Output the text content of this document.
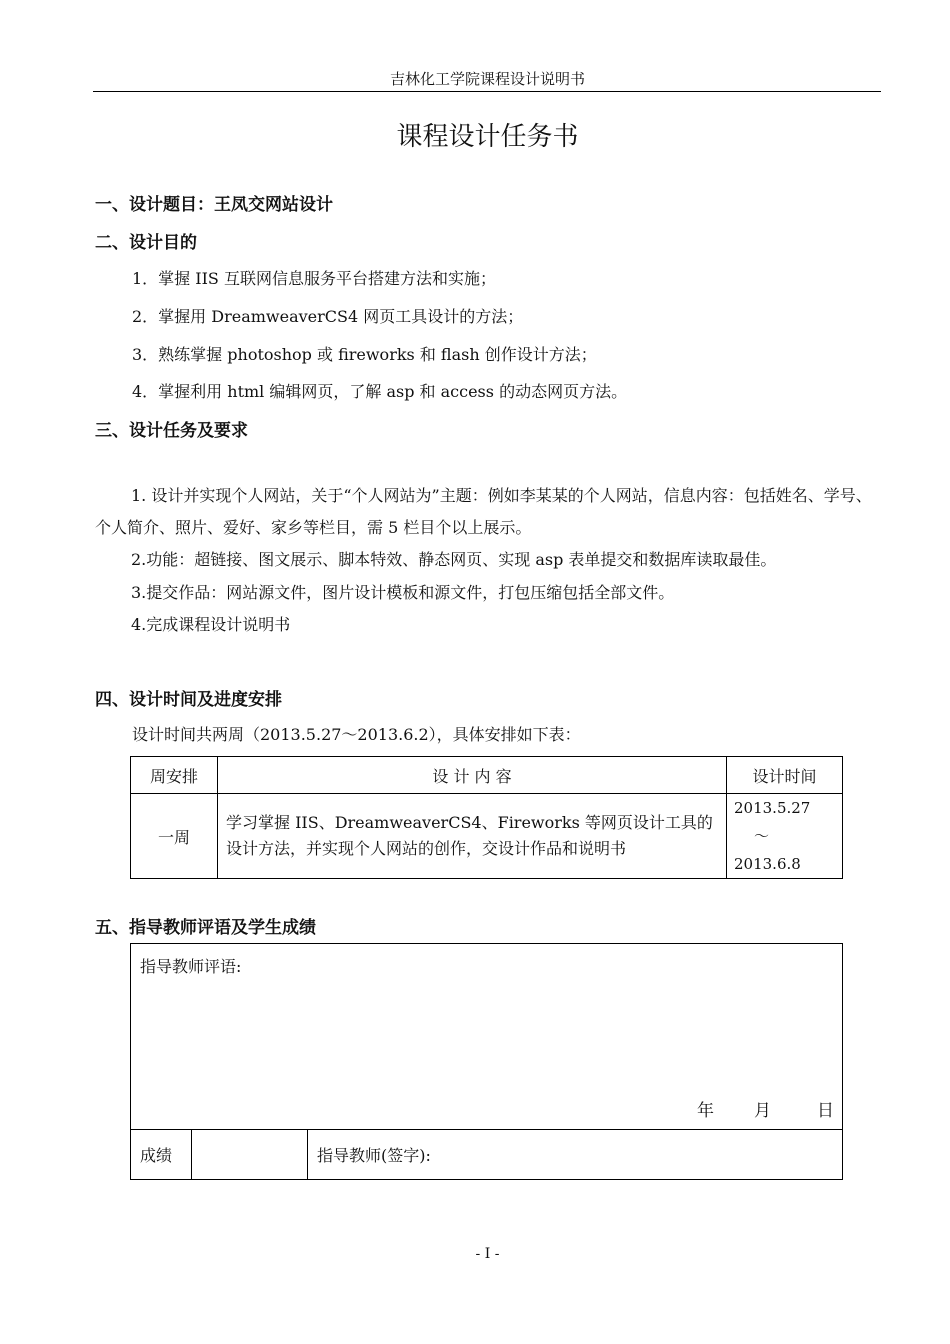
吉林化工学院课程设计说明书
课程设计任务书
一、设计题目：王凤交网站设计
二、设计目的
1．掌握 IIS 互联网信息服务平台搭建方法和实施；
2．掌握用 DreamweaverCS4 网页工具设计的方法；
3．熟练掌握 photoshop 或 fireworks 和 flash 创作设计方法；
4．掌握利用 html 编辑网页，了解 asp 和 access 的动态网页方法。
三、设计任务及要求
1. 设计并实现个人网站，关于“个人网站为”主题：例如李某某的个人网站，信息内容：包括姓名、学号、个人简介、照片、爱好、家乡等栏目，需 5 栏目个以上展示。
2.功能：超链接、图文展示、脚本特效、静态网页、实现 asp 表单提交和数据库读取最佳。
3.提交作品：网站源文件，图片设计模板和源文件，打包压缩包括全部文件。
4.完成课程设计说明书
四、设计时间及进度安排
设计时间共两周（2013.5.27～2013.6.2），具体安排如下表：
周安排	设 计 内 容	设计时间
一周	学习掌握 IIS、DreamweaverCS4、Fireworks 等网页设计工具的设计方法，并实现个人网站的创作，交设计作品和说明书	2013.5.27
～
2013.6.8
五、指导教师评语及学生成绩
指导教师评语:
年 月	日

成绩		指导教师(签字):
- I -
